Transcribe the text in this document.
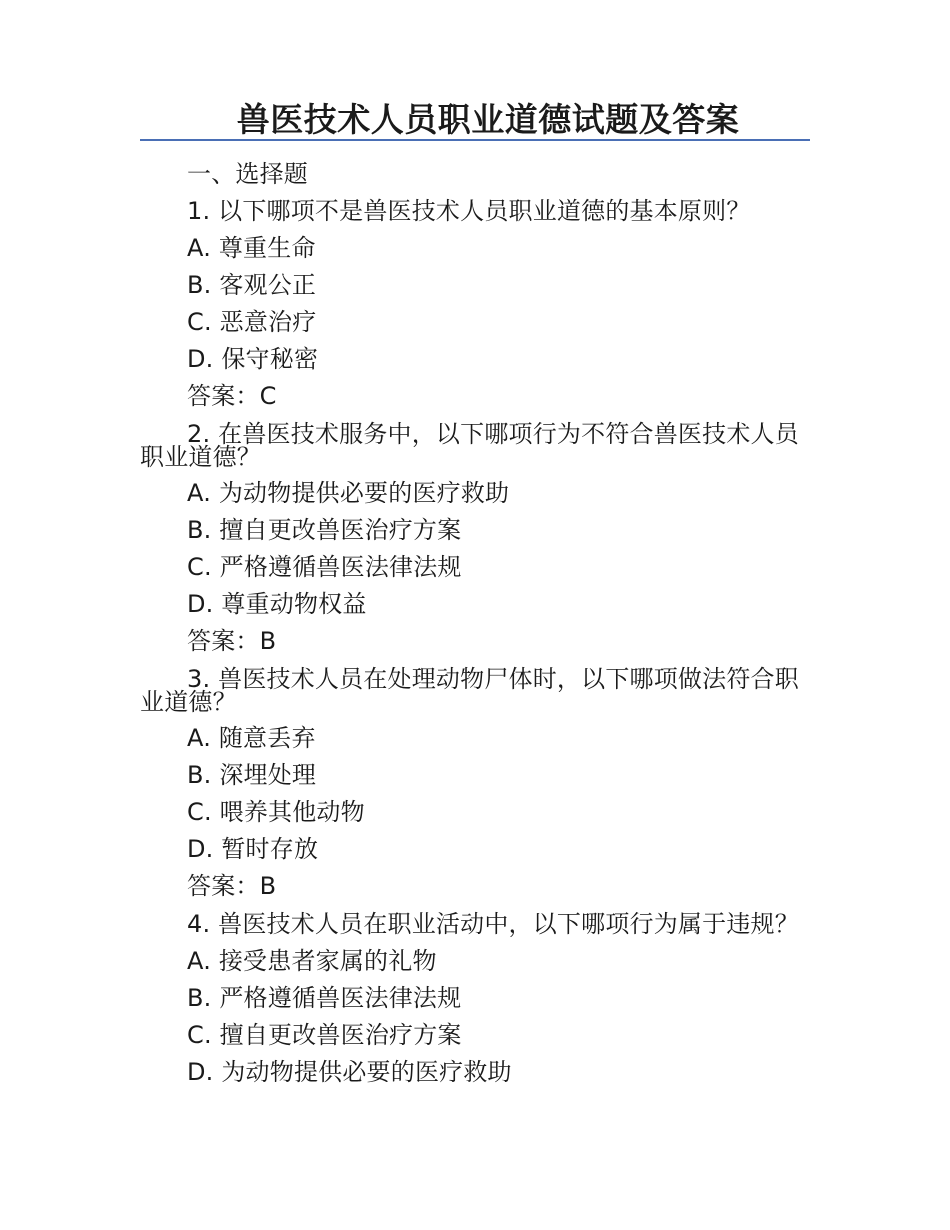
兽医技术人员职业道德试题及答案
一、选择题
1. 以下哪项不是兽医技术人员职业道德的基本原则？
A. 尊重生命
B. 客观公正
C. 恶意治疗
D. 保守秘密
答案：C
2. 在兽医技术服务中，以下哪项行为不符合兽医技术人员
职业道德？
A. 为动物提供必要的医疗救助
B. 擅自更改兽医治疗方案
C. 严格遵循兽医法律法规
D. 尊重动物权益
答案：B
3. 兽医技术人员在处理动物尸体时，以下哪项做法符合职
业道德？
A. 随意丢弃
B. 深埋处理
C. 喂养其他动物
D. 暂时存放
答案：B
4. 兽医技术人员在职业活动中，以下哪项行为属于违规？
A. 接受患者家属的礼物
B. 严格遵循兽医法律法规
C. 擅自更改兽医治疗方案
D. 为动物提供必要的医疗救助
